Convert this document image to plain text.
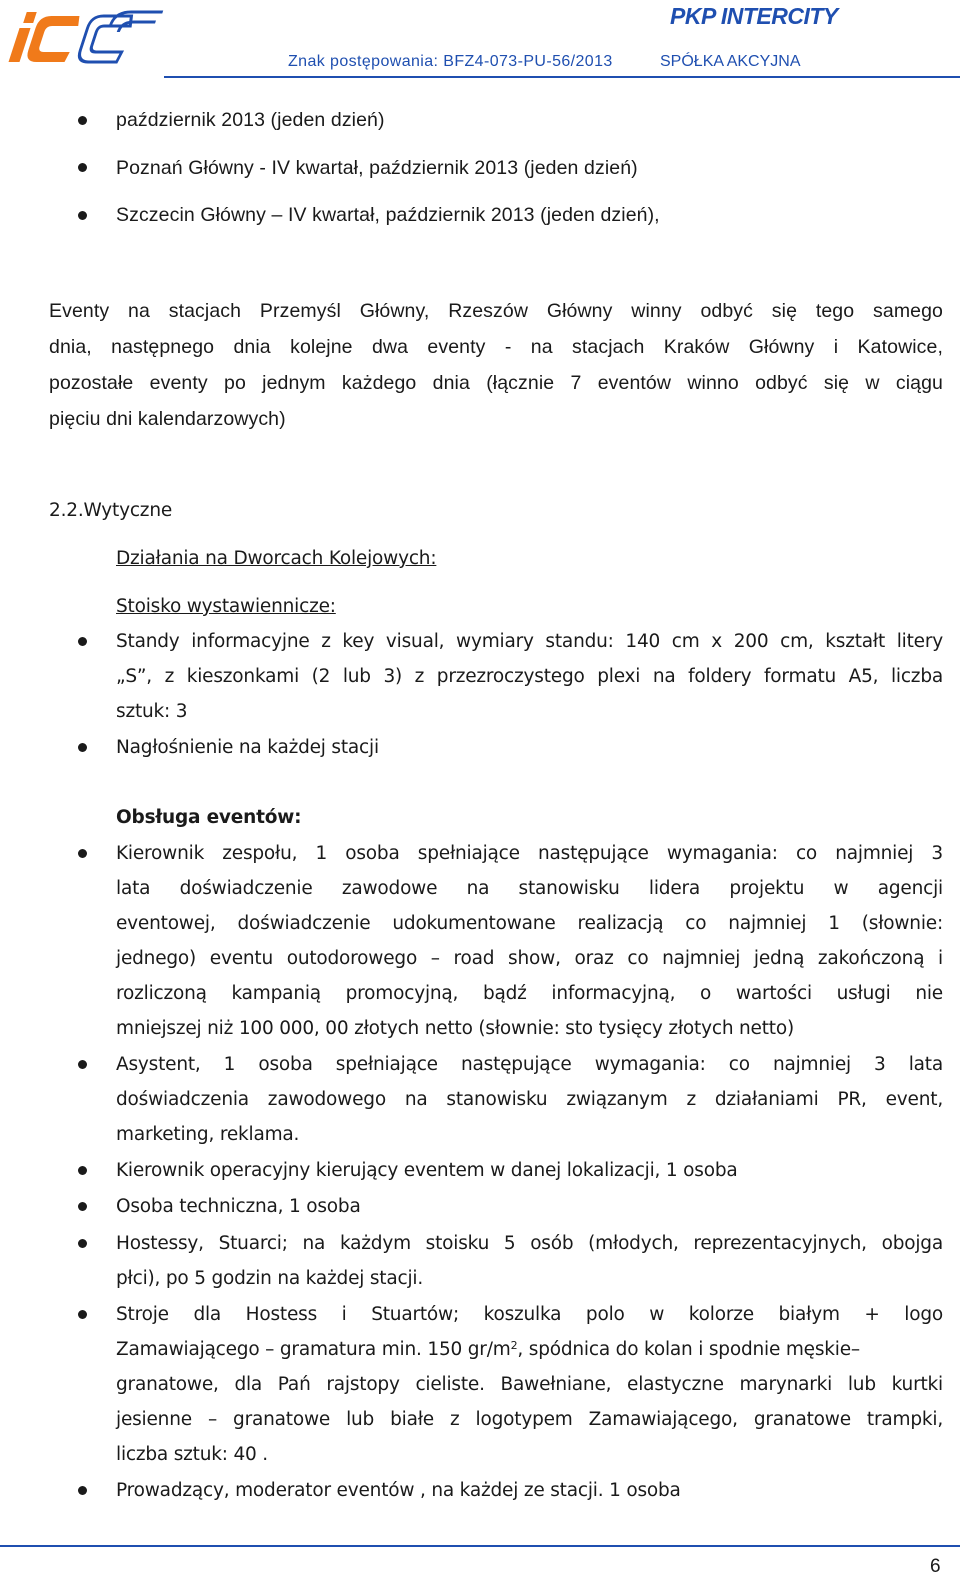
PKP INTERCITY
Znak postępowania: BFZ4-073-PU-56/2013	SPÓŁKA AKCYJNA
październik 2013 (jeden dzień)
Poznań Główny - IV kwartał, październik 2013 (jeden dzień)
Szczecin Główny – IV kwartał, październik 2013 (jeden dzień),
Eventy na stacjach Przemyśl Główny, Rzeszów Główny winny odbyć się tego samego
dnia, następnego dnia kolejne dwa eventy - na stacjach Kraków Główny i Katowice,
pozostałe eventy po jednym każdego dnia (łącznie 7 eventów winno odbyć się w ciągu
pięciu dni kalendarzowych)
2.2.Wytyczne
Działania na Dworcach Kolejowych:
Stoisko wystawiennicze:
Standy informacyjne z key visual, wymiary standu: 140 cm x 200 cm, kształt litery
„S”, z kieszonkami (2 lub 3) z przezroczystego plexi na foldery formatu A5, liczba
sztuk: 3
Nagłośnienie na każdej stacji
Obsługa eventów:
Kierownik zespołu, 1 osoba spełniające następujące wymagania: co najmniej 3
lata doświadczenie zawodowe na stanowisku lidera projektu w agencji
eventowej, doświadczenie udokumentowane realizacją co najmniej 1 (słownie:
jednego) eventu outodorowego – road show, oraz co najmniej jedną zakończoną i
rozliczoną kampanią promocyjną, bądź informacyjną, o wartości usługi nie
mniejszej niż 100 000, 00 złotych netto (słownie: sto tysięcy złotych netto)
Asystent, 1 osoba spełniające następujące wymagania: co najmniej 3 lata
doświadczenia zawodowego na stanowisku związanym z działaniami PR, event,
marketing, reklama.
Kierownik operacyjny kierujący eventem w danej lokalizacji, 1 osoba
Osoba techniczna, 1 osoba
Hostessy, Stuarci; na każdym stoisku 5 osób (młodych, reprezentacyjnych, obojga
płci), po 5 godzin na każdej stacji.
Stroje dla Hostess i Stuartów; koszulka polo w kolorze białym + logo
Zamawiającego – gramatura min. 150 $gr/m^2$, spódnica do kolan i spodnie męskie–
granatowe, dla Pań rajstopy cieliste. Bawełniane, elastyczne marynarki lub kurtki
jesienne – granatowe lub białe z logotypem Zamawiającego, granatowe trampki,
liczba sztuk: 40 .
Prowadzący, moderator eventów , na każdej ze stacji. 1 osoba
6
